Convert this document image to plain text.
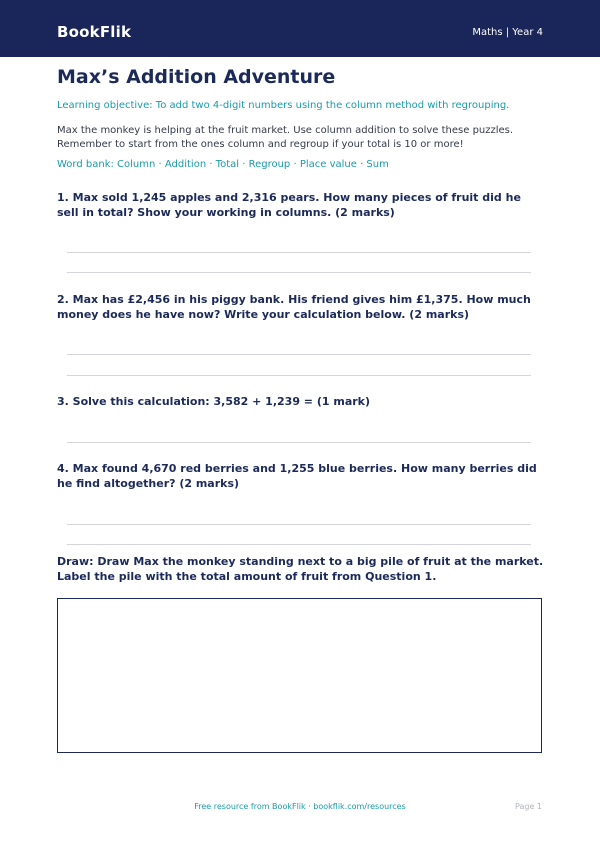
BookFlik	Maths | Year 4
Max’s Addition Adventure
Learning objective: To add two 4-digit numbers using the column method with regrouping.
Max the monkey is helping at the fruit market. Use column addition to solve these puzzles. Remember to start from the ones column and regroup if your total is 10 or more!
Word bank: Column · Addition · Total · Regroup · Place value · Sum
1. Max sold 1,245 apples and 2,316 pears. How many pieces of fruit did he sell in total? Show your working in columns. (2 marks)
2. Max has £2,456 in his piggy bank. His friend gives him £1,375. How much money does he have now? Write your calculation below. (2 marks)
3. Solve this calculation: 3,582 + 1,239 = (1 mark)
4. Max found 4,670 red berries and 1,255 blue berries. How many berries did he find altogether? (2 marks)
Draw: Draw Max the monkey standing next to a big pile of fruit at the market. Label the pile with the total amount of fruit from Question 1.
Free resource from BookFlik · bookflik.com/resources	Page 1
